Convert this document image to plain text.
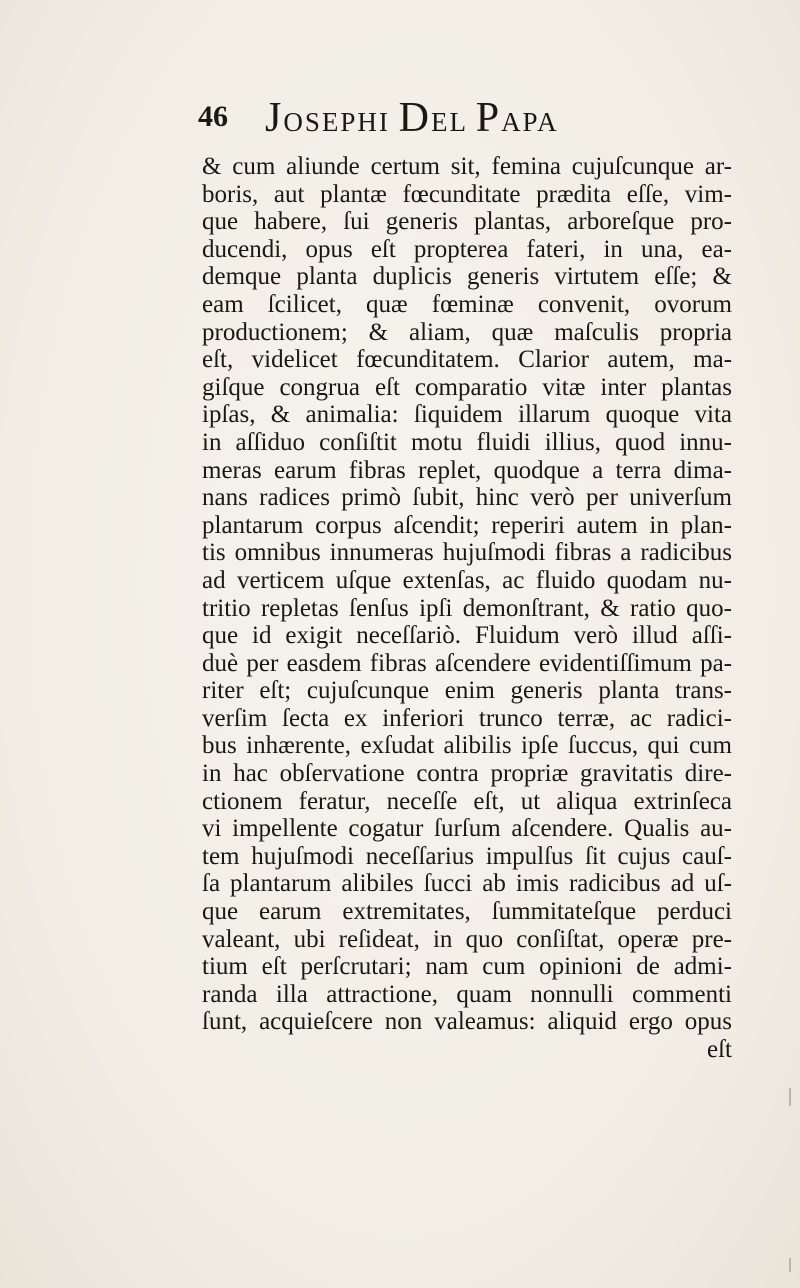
46 JOSEPHI DEL PAPA
& cum aliunde certum sit, femina cujuſcunque ar-
boris, aut plantæ fœcunditate prædita eſſe, vim-
que habere, ſui generis plantas, arboreſque pro-
ducendi, opus eſt propterea fateri, in una, ea-
demque planta duplicis generis virtutem eſſe; &
eam ſcilicet, quæ fœminæ convenit, ovorum
productionem; & aliam, quæ maſculis propria
eſt, videlicet fœcunditatem. Clarior autem, ma-
giſque congrua eſt comparatio vitæ inter plantas
ipſas, & animalia: ſiquidem illarum quoque vita
in aſſiduo conſiſtit motu fluidi illius, quod innu-
meras earum fibras replet, quodque a terra dima-
nans radices primò ſubit, hinc verò per univerſum
plantarum corpus aſcendit; reperiri autem in plan-
tis omnibus innumeras hujuſmodi fibras a radicibus
ad verticem uſque extenſas, ac fluido quodam nu-
tritio repletas ſenſus ipſi demonſtrant, & ratio quo-
que id exigit neceſſariò. Fluidum verò illud aſſi-
duè per easdem fibras aſcendere evidentiſſimum pa-
riter eſt; cujuſcunque enim generis planta trans-
verſim ſecta ex inferiori trunco terræ, ac radici-
bus inhærente, exſudat alibilis ipſe ſuccus, qui cum
in hac obſervatione contra propriæ gravitatis dire-
ctionem feratur, neceſſe eſt, ut aliqua extrinſeca
vi impellente cogatur ſurſum aſcendere. Qualis au-
tem hujuſmodi neceſſarius impulſus ſit cujus cauſ-
ſa plantarum alibiles ſucci ab imis radicibus ad uſ-
que earum extremitates, ſummitateſque perduci
valeant, ubi reſideat, in quo conſiſtat, operæ pre-
tium eſt perſcrutari; nam cum opinioni de admi-
randa illa attractione, quam nonnulli commenti
ſunt, acquieſcere non valeamus: aliquid ergo opus
eſt
